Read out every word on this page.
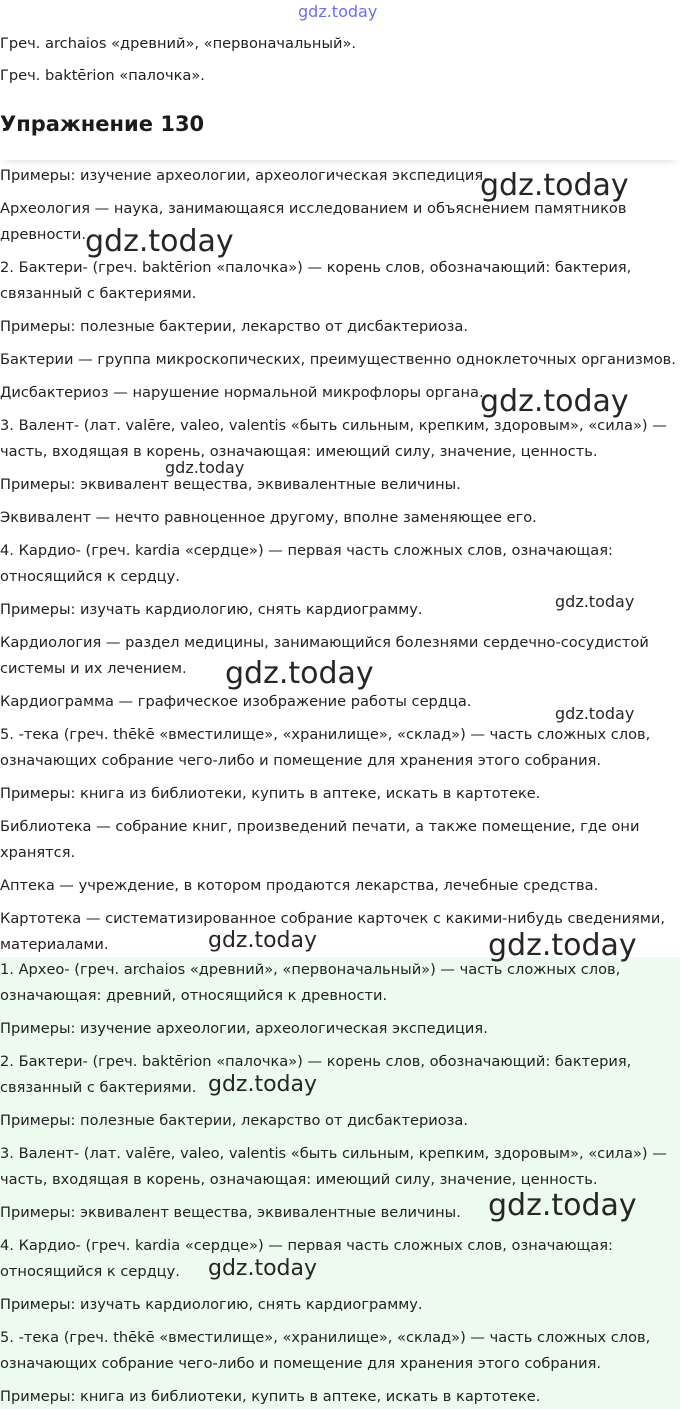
gdz.today

Греч. archaios «древний», «первоначальный».

Греч. baktērion «палочка».

Упражнение 130

Примеры: изучение археологии, археологическая экспедиция.

Археология — наука, занимающаяся исследованием и объяснением памятников древности.

2. Бактери- (греч. baktērion «палочка») — корень слов, обозначающий: бактерия, связанный с бактериями.

Примеры: полезные бактерии, лекарство от дисбактериоза.

Бактерии — группа микроскопических, преимущественно одноклеточных организмов.

Дисбактериоз — нарушение нормальной микрофлоры органа.

3. Валент- (лат. valēre, valeo, valentis «быть сильным, крепким, здоровым», «сила») — часть, входящая в корень, означающая: имеющий силу, значение, ценность.

Примеры: эквивалент вещества, эквивалентные величины.

Эквивалент — нечто равноценное другому, вполне заменяющее его.

4. Кардио- (греч. kardia «сердце») — первая часть сложных слов, означающая: относящийся к сердцу.

Примеры: изучать кардиологию, снять кардиограмму.

Кардиология — раздел медицины, занимающийся болезнями сердечно-сосудистой системы и их лечением.

Кардиограмма — графическое изображение работы сердца.

5. -тека (греч. thēkē «вместилище», «хранилище», «склад») — часть сложных слов, означающих собрание чего-либо и помещение для хранения этого собрания.

Примеры: книга из библиотеки, купить в аптеке, искать в картотеке.

Библиотека — собрание книг, произведений печати, а также помещение, где они хранятся.

Аптека — учреждение, в котором продаются лекарства, лечебные средства.

Картотека — систематизированное собрание карточек с какими-нибудь сведениями, материалами.

1. Архео- (греч. archaios «древний», «первоначальный») — часть сложных слов, означающая: древний, относящийся к древности.

Примеры: изучение археологии, археологическая экспедиция.

2. Бактери- (греч. baktērion «палочка») — корень слов, обозначающий: бактерия, связанный с бактериями.

Примеры: полезные бактерии, лекарство от дисбактериоза.

3. Валент- (лат. valēre, valeo, valentis «быть сильным, крепким, здоровым», «сила») — часть, входящая в корень, означающая: имеющий силу, значение, ценность.

Примеры: эквивалент вещества, эквивалентные величины.

4. Кардио- (греч. kardia «сердце») — первая часть сложных слов, означающая: относящийся к сердцу.

Примеры: изучать кардиологию, снять кардиограмму.

5. -тека (греч. thēkē «вместилище», «хранилище», «склад») — часть сложных слов, означающих собрание чего-либо и помещение для хранения этого собрания.

Примеры: книга из библиотеки, купить в аптеке, искать в картотеке.

gdz.today
gdz.today
gdz.today
gdz.today
gdz.today
gdz.today
gdz.today
gdz.today	gdz.today
gdz.today
gdz.today
gdz.today
